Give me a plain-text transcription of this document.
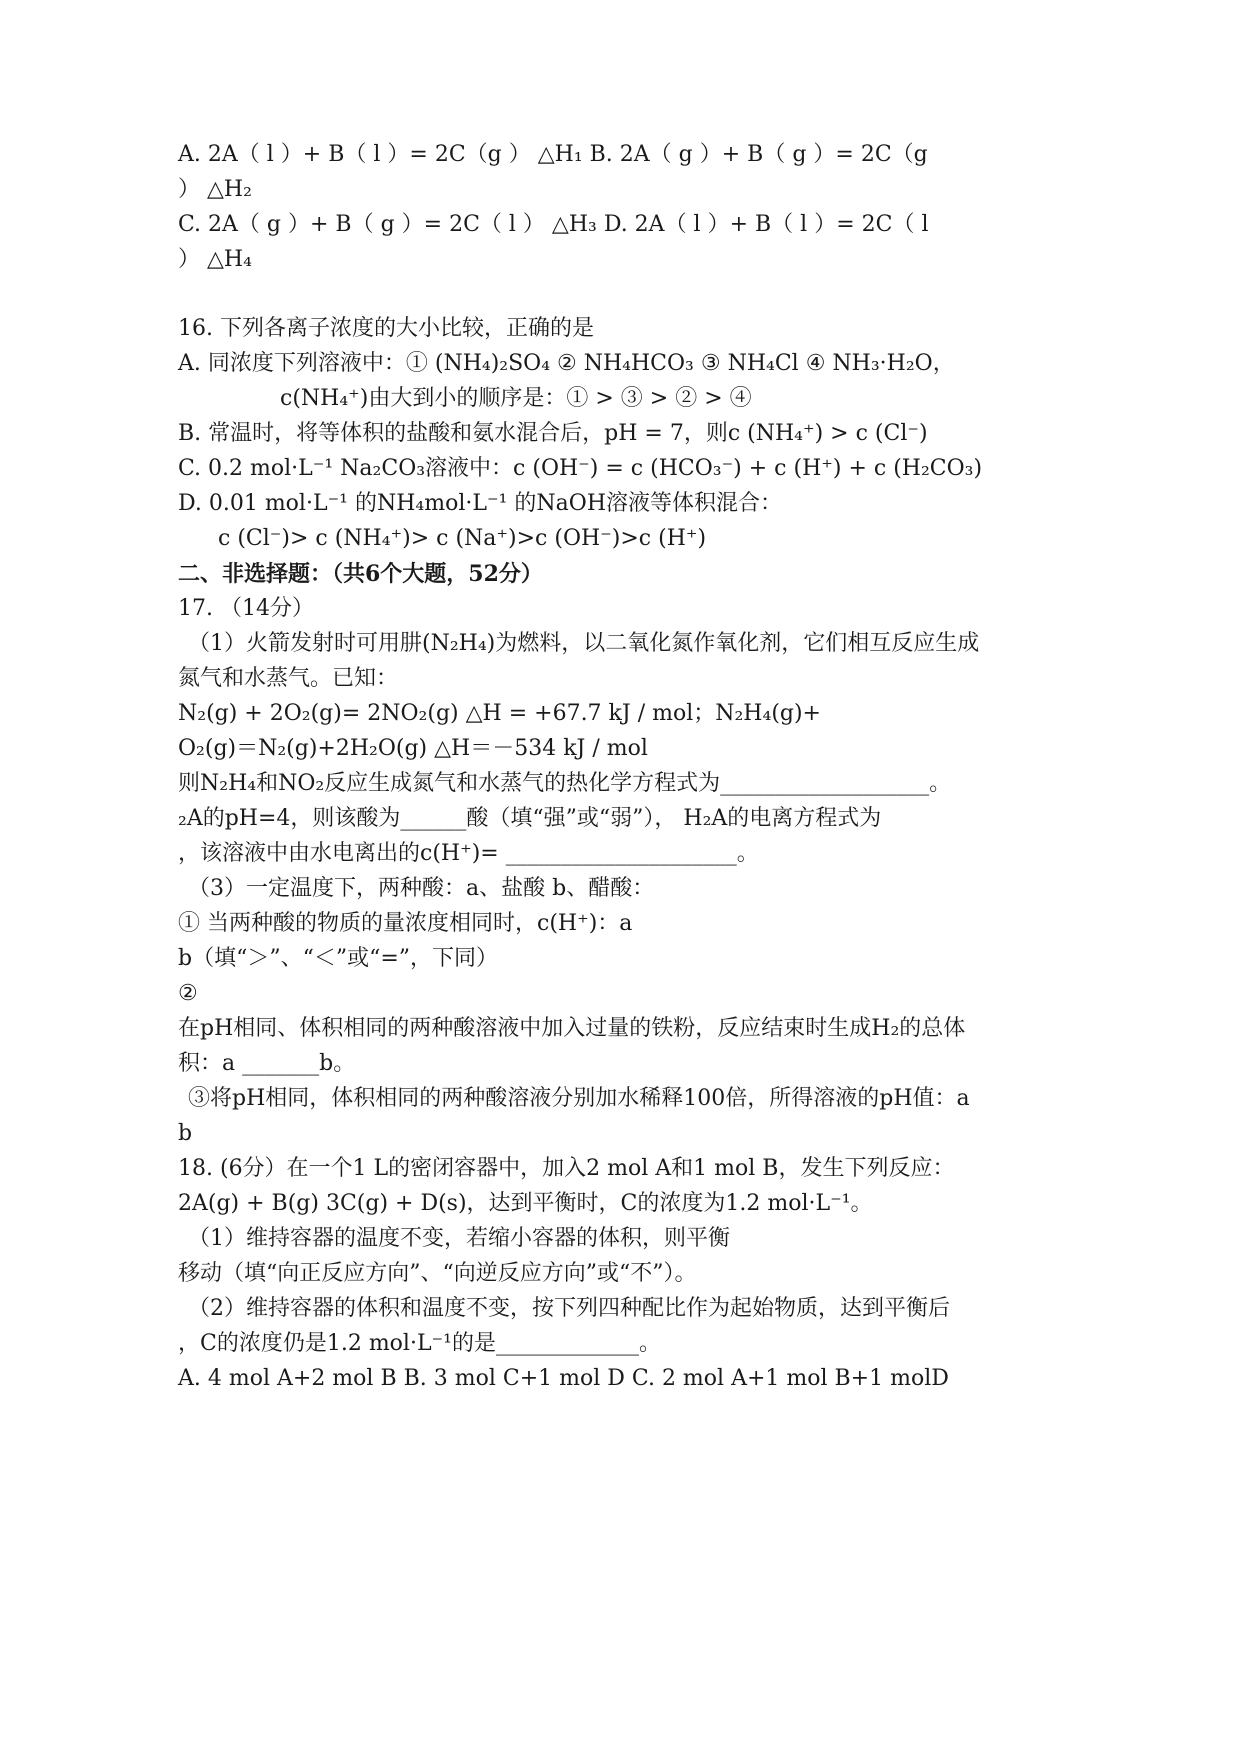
A. 2A（ l ）+ B（ l ）= 2C（g ） △H₁ B. 2A（ g ）+ B（ g ）= 2C（g
） △H₂
C. 2A（ g ）+ B（ g ）= 2C（ l ） △H₃ D. 2A（ l ）+ B（ l ）= 2C（ l
） △H₄
16. 下列各离子浓度的大小比较，正确的是
A. 同浓度下列溶液中：① (NH₄)₂SO₄ ② NH₄HCO₃ ③ NH₄Cl ④ NH₃·H₂O，
c(NH₄⁺)由大到小的顺序是：① > ③ > ② > ④
B. 常温时，将等体积的盐酸和氨水混合后，pH = 7，则c (NH₄⁺) > c (Cl⁻)
C. 0.2 mol·L⁻¹ Na₂CO₃溶液中：c (OH⁻) = c (HCO₃⁻) + c (H⁺) + c (H₂CO₃)
D. 0.01 mol·L⁻¹ 的NH₄mol·L⁻¹ 的NaOH溶液等体积混合：
c (Cl⁻)> c (NH₄⁺)> c (Na⁺)>c (OH⁻)>c (H⁺)
二、非选择题：（共6个大题，52分）
17. （14分）
（1）火箭发射时可用肼(N₂H₄)为燃料，以二氧化氮作氧化剂，它们相互反应生成
氮气和水蒸气。已知：
N₂(g) + 2O₂(g)= 2NO₂(g) △H = +67.7 kJ / mol；N₂H₄(g)+
O₂(g)＝N₂(g)+2H₂O(g) △H＝－534 kJ / mol
则N₂H₄和NO₂反应生成氮气和水蒸气的热化学方程式为___________________。
₂A的pH=4，则该酸为______酸（填“强”或“弱”）， H₂A的电离方程式为
，该溶液中由水电离出的c(H⁺)= _____________________。
（3）一定温度下，两种酸：a、盐酸 b、醋酸：
① 当两种酸的物质的量浓度相同时，c(H⁺)：a
b（填“＞”、“＜”或“=”，下同）
②
在pH相同、体积相同的两种酸溶液中加入过量的铁粉，反应结束时生成H₂的总体
积：a _______b。
③将pH相同，体积相同的两种酸溶液分别加水稀释100倍，所得溶液的pH值：a
b
18. (6分）在一个1 L的密闭容器中，加入2 mol A和1 mol B，发生下列反应：
2A(g) + B(g) 3C(g) + D(s)，达到平衡时，C的浓度为1.2 mol·L⁻¹。
（1）维持容器的温度不变，若缩小容器的体积，则平衡
移动（填“向正反应方向”、“向逆反应方向”或“不”）。
（2）维持容器的体积和温度不变，按下列四种配比作为起始物质，达到平衡后
，C的浓度仍是1.2 mol·L⁻¹的是_____________。
A. 4 mol A+2 mol B B. 3 mol C+1 mol D C. 2 mol A+1 mol B+1 molD
